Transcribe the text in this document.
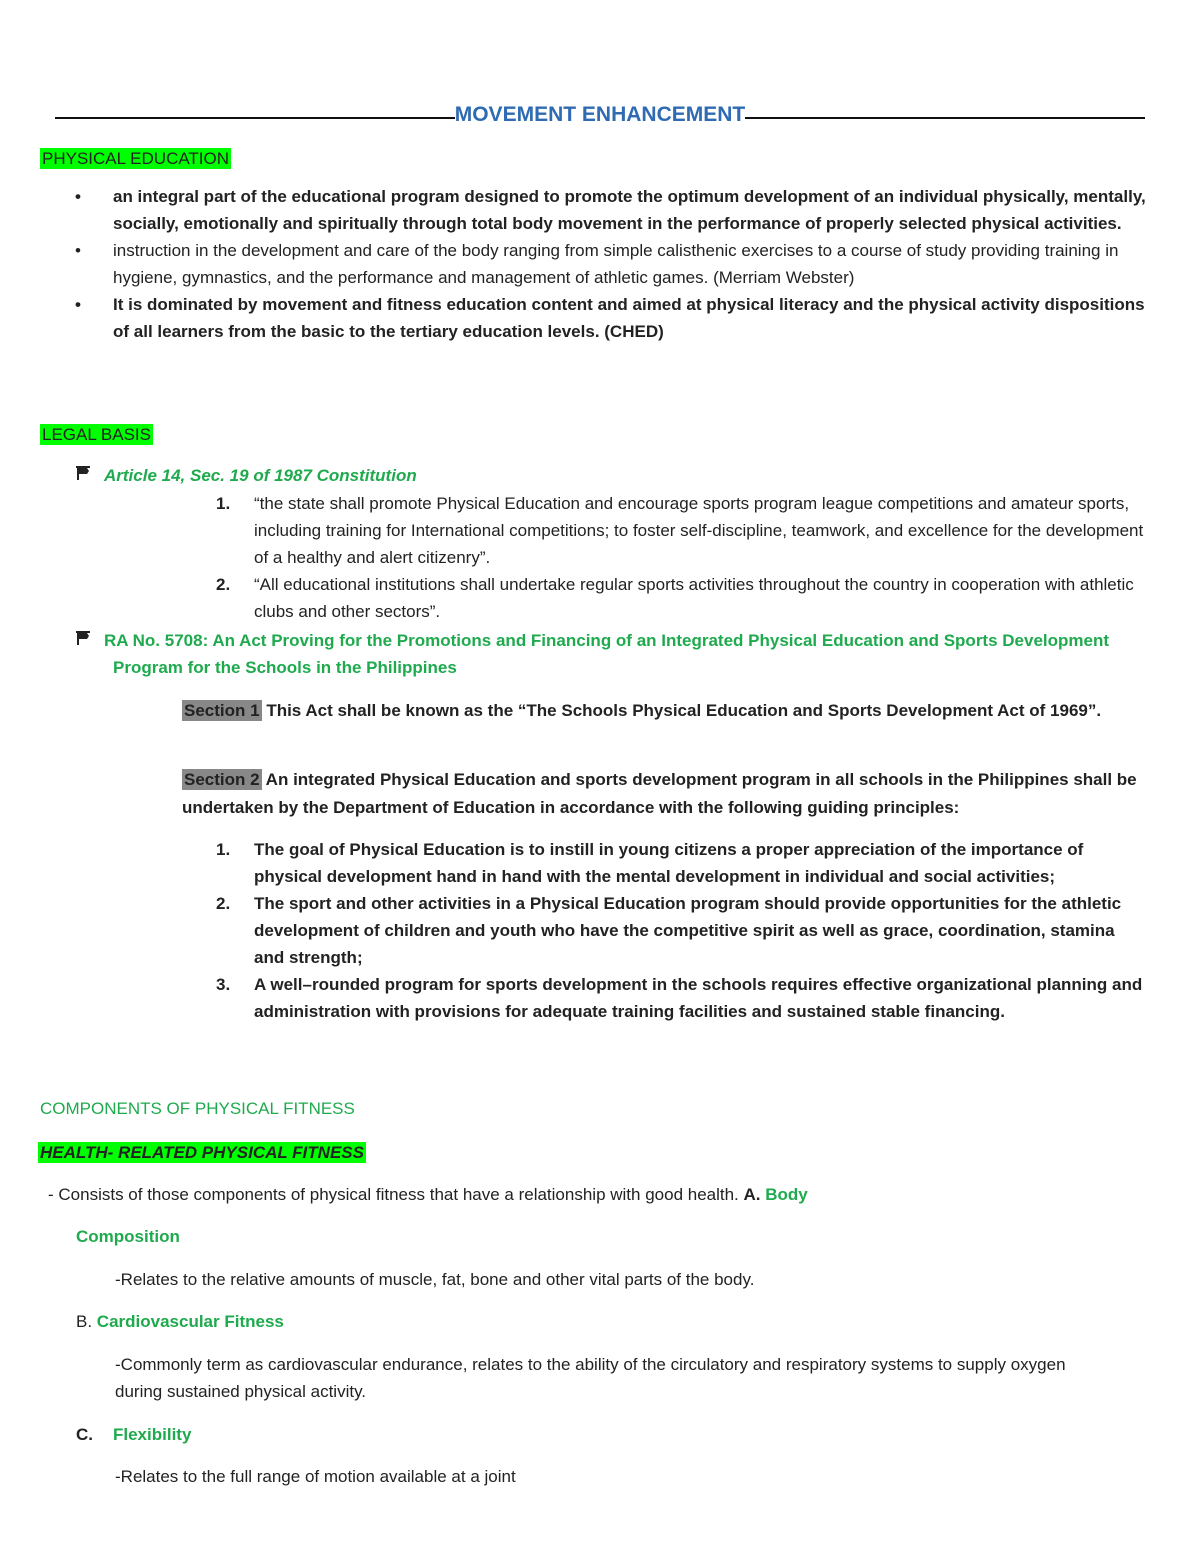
MOVEMENT ENHANCEMENT
PHYSICAL EDUCATION
• an integral part of the educational program designed to promote the optimum development of an individual physically, mentally, socially, emotionally and spiritually through total body movement in the performance of properly selected physical activities.
• instruction in the development and care of the body ranging from simple calisthenic exercises to a course of study providing training in hygiene, gymnastics, and the performance and management of athletic games. (Merriam Webster)
• It is dominated by movement and fitness education content and aimed at physical literacy and the physical activity dispositions of all learners from the basic to the tertiary education levels. (CHED)
LEGAL BASIS
Article 14, Sec. 19 of 1987 Constitution
1. “the state shall promote Physical Education and encourage sports program league competitions and amateur sports, including training for International competitions; to foster self-discipline, teamwork, and excellence for the development of a healthy and alert citizenry”.
2. “All educational institutions shall undertake regular sports activities throughout the country in cooperation with athletic clubs and other sectors”.
RA No. 5708: An Act Proving for the Promotions and Financing of an Integrated Physical Education and Sports Development Program for the Schools in the Philippines
Section 1 This Act shall be known as the “The Schools Physical Education and Sports Development Act of 1969”.
Section 2 An integrated Physical Education and sports development program in all schools in the Philippines shall be undertaken by the Department of Education in accordance with the following guiding principles:
1. The goal of Physical Education is to instill in young citizens a proper appreciation of the importance of physical development hand in hand with the mental development in individual and social activities;
2. The sport and other activities in a Physical Education program should provide opportunities for the athletic development of children and youth who have the competitive spirit as well as grace, coordination, stamina and strength;
3. A well–rounded program for sports development in the schools requires effective organizational planning and administration with provisions for adequate training facilities and sustained stable financing.
COMPONENTS OF PHYSICAL FITNESS
HEALTH- RELATED PHYSICAL FITNESS
- Consists of those components of physical fitness that have a relationship with good health. A. Body
Composition
-Relates to the relative amounts of muscle, fat, bone and other vital parts of the body.
B. Cardiovascular Fitness
-Commonly term as cardiovascular endurance, relates to the ability of the circulatory and respiratory systems to supply oxygen during sustained physical activity.
C. Flexibility
-Relates to the full range of motion available at a joint
